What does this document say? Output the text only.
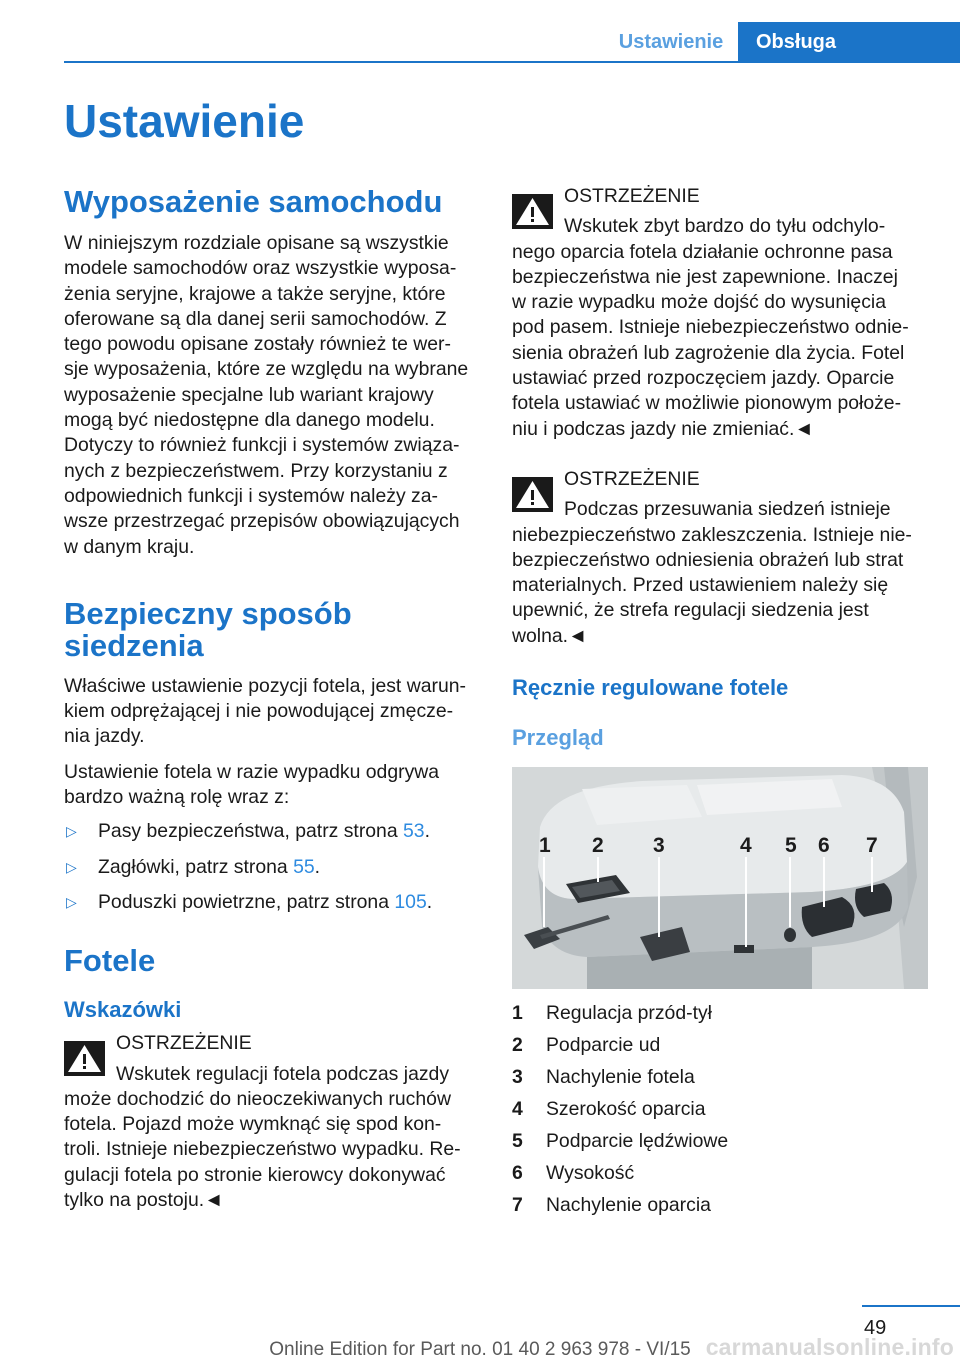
Ustawienie	Obsługa
Ustawienie
Wyposażenie samochodu
W niniejszym rozdziale opisane są wszystkie
modele samochodów oraz wszystkie wyposa-
żenia seryjne, krajowe a także seryjne, które
oferowane są dla danej serii samochodów. Z
tego powodu opisane zostały również te wer-
sje wyposażenia, które ze względu na wybrane
wyposażenie specjalne lub wariant krajowy
mogą być niedostępne dla danego modelu.
Dotyczy to również funkcji i systemów związa-
nych z bezpieczeństwem. Przy korzystaniu z
odpowiednich funkcji i systemów należy za-
wsze przestrzegać przepisów obowiązujących
w danym kraju.
Bezpieczny sposób
siedzenia
Właściwe ustawienie pozycji fotela, jest warun-
kiem odprężającej i nie powodującej zmęcze-
nia jazdy.
Ustawienie fotela w razie wypadku odgrywa
bardzo ważną rolę wraz z:
▷	Pasy bezpieczeństwa, patrz strona 53.
▷	Zagłówki, patrz strona 55.
▷	Poduszki powietrzne, patrz strona 105.
Fotele
Wskazówki
OSTRZEŻENIE
Wskutek regulacji fotela podczas jazdy
może dochodzić do nieoczekiwanych ruchów
fotela. Pojazd może wymknąć się spod kon-
troli. Istnieje niebezpieczeństwo wypadku. Re-
gulacji fotela po stronie kierowcy dokonywać
tylko na postoju.◄
OSTRZEŻENIE
Wskutek zbyt bardzo do tyłu odchylo-
nego oparcia fotela działanie ochronne pasa
bezpieczeństwa nie jest zapewnione. Inaczej
w razie wypadku może dojść do wysunięcia
pod pasem. Istnieje niebezpieczeństwo odnie-
sienia obrażeń lub zagrożenie dla życia. Fotel
ustawiać przed rozpoczęciem jazdy. Oparcie
fotela ustawiać w możliwie pionowym położe-
niu i podczas jazdy nie zmieniać.◄
OSTRZEŻENIE
Podczas przesuwania siedzeń istnieje
niebezpieczeństwo zakleszczenia. Istnieje nie-
bezpieczeństwo odniesienia obrażeń lub strat
materialnych. Przed ustawieniem należy się
upewnić, że strefa regulacji siedzenia jest
wolna.◄
Ręcznie regulowane fotele
Przegląd
1 2 3	4 5 6 7
1	Regulacja przód-tył
2	Podparcie ud
3	Nachylenie fotela
4	Szerokość oparcia
5	Podparcie lędźwiowe
6	Wysokość
7	Nachylenie oparcia
49
Online Edition for Part no. 01 40 2 963 978 - VI/15 carmanualsonline.info
